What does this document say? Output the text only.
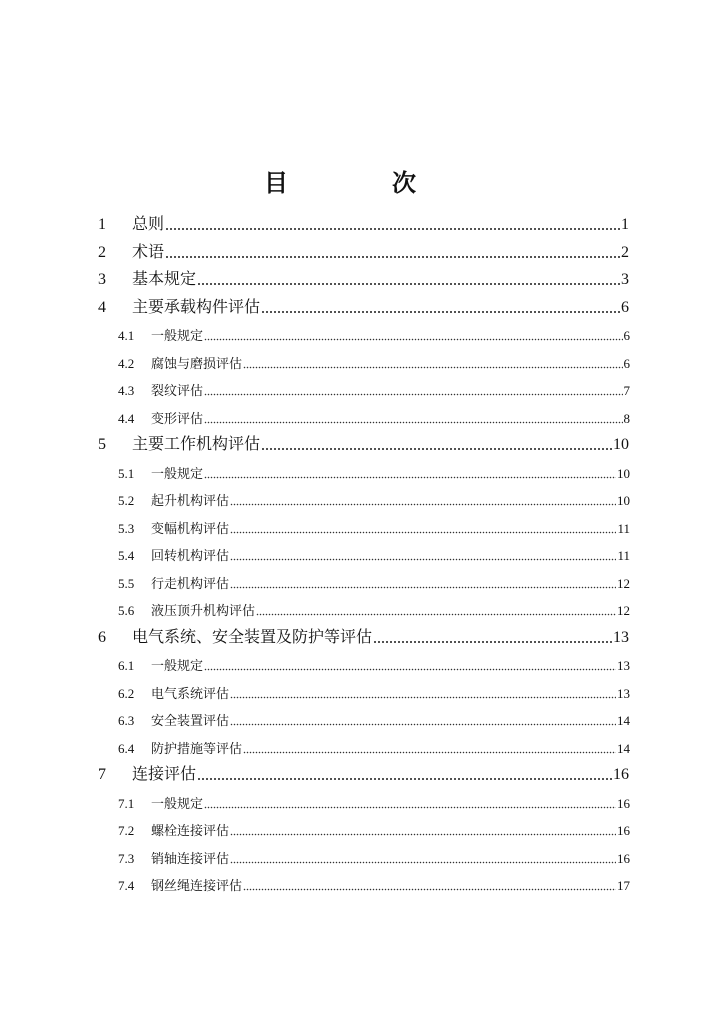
目　次
1	总则	1
2	术语	2
3	基本规定	3
4	主要承载构件评估	6
4.1	一般规定	6
4.2	腐蚀与磨损评估	6
4.3	裂纹评估	7
4.4	变形评估	8
5	主要工作机构评估	10
5.1	一般规定	10
5.2	起升机构评估	10
5.3	变幅机构评估	11
5.4	回转机构评估	11
5.5	行走机构评估	12
5.6	液压顶升机构评估	12
6	电气系统、安全装置及防护等评估	13
6.1	一般规定	13
6.2	电气系统评估	13
6.3	安全装置评估	14
6.4	防护措施等评估	14
7	连接评估	16
7.1	一般规定	16
7.2	螺栓连接评估	16
7.3	销轴连接评估	16
7.4	钢丝绳连接评估	17
